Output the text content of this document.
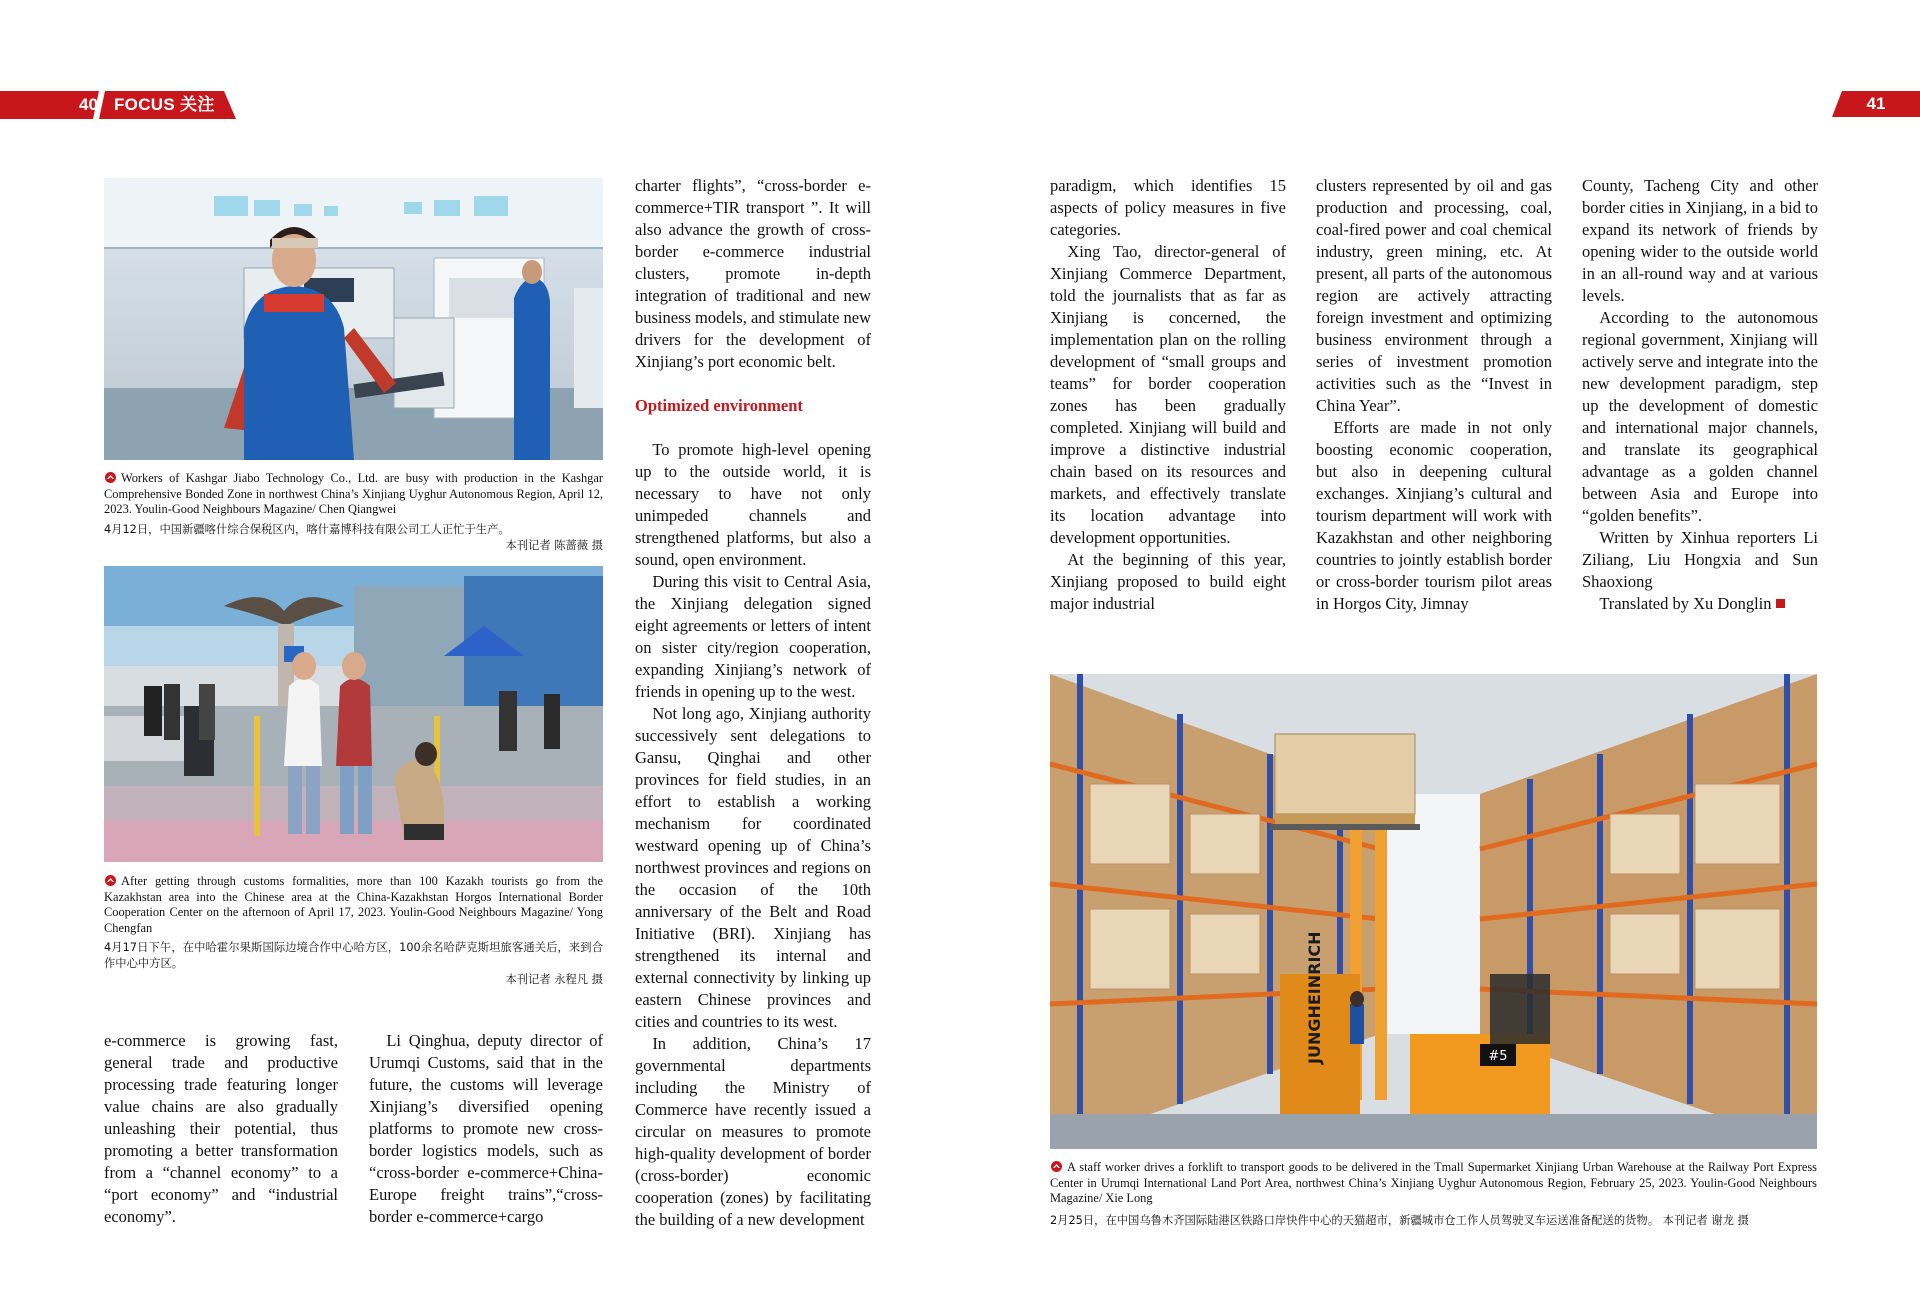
40 FOCUS 关注	41
Workers of Kashgar Jiabo Technology Co., Ltd. are busy with production in the Kashgar Comprehensive Bonded Zone in northwest China’s Xinjiang Uyghur Autonomous Region, April 12, 2023. Youlin-Good Neighbours Magazine/ Chen Qiangwei
4月12日，中国新疆喀什综合保税区内，喀什嘉博科技有限公司工人正忙于生产。
本刊记者 陈蔷薇 摄
After getting through customs formalities, more than 100 Kazakh tourists go from the Kazakhstan area into the Chinese area at the China-Kazakhstan Horgos International Border Cooperation Center on the afternoon of April 17, 2023. Youlin-Good Neighbours Magazine/ Yong Chengfan
4月17日下午，在中哈霍尔果斯国际边境合作中心哈方区，100余名哈萨克斯坦旅客通关后，来到合作中心中方区。
本刊记者 永程凡 摄

e-commerce is growing fast, general trade and productive processing trade featuring longer value chains are also gradually unleashing their potential, thus promoting a better transformation from a “channel economy” to a “port economy” and “industrial economy”.

Li Qinghua, deputy director of Urumqi Customs, said that in the future, the customs will leverage Xinjiang’s diversified opening platforms to promote new cross-border logistics models, such as “cross-border e-commerce+China-Europe freight trains”,“cross-border e-commerce+cargo

charter flights”, “cross-border e-commerce+TIR transport ”. It will also advance the growth of cross-border e-commerce industrial clusters, promote in-depth integration of traditional and new business models, and stimulate new drivers for the development of Xinjiang’s port economic belt.

Optimized environment

To promote high-level opening up to the outside world, it is necessary to have not only unimpeded channels and strengthened platforms, but also a sound, open environment.

During this visit to Central Asia, the Xinjiang delegation signed eight agreements or letters of intent on sister city/region cooperation, expanding Xinjiang’s network of friends in opening up to the west.

Not long ago, Xinjiang authority successively sent delegations to Gansu, Qinghai and other provinces for field studies, in an effort to establish a working mechanism for coordinated westward opening up of China’s northwest provinces and regions on the occasion of the 10th anniversary of the Belt and Road Initiative (BRI). Xinjiang has strengthened its internal and external connectivity by linking up eastern Chinese provinces and cities and countries to its west.

In addition, China’s 17 governmental departments including the Ministry of Commerce have recently issued a circular on measures to promote high-quality development of border (cross-border) economic cooperation (zones) by facilitating the building of a new development

paradigm, which identifies 15 aspects of policy measures in five categories.

Xing Tao, director-general of Xinjiang Commerce Department, told the journalists that as far as Xinjiang is concerned, the implementation plan on the rolling development of “small groups and teams” for border cooperation zones has been gradually completed. Xinjiang will build and improve a distinctive industrial chain based on its resources and markets, and effectively translate its location advantage into development opportunities.

At the beginning of this year, Xinjiang proposed to build eight major industrial

clusters represented by oil and gas production and processing, coal, coal-fired power and coal chemical industry, green mining, etc. At present, all parts of the autonomous region are actively attracting foreign investment and optimizing business environment through a series of investment promotion activities such as the “Invest in China Year”.

Efforts are made in not only boosting economic cooperation, but also in deepening cultural exchanges. Xinjiang’s cultural and tourism department will work with Kazakhstan and other neighboring countries to jointly establish border or cross-border tourism pilot areas in Horgos City, Jimnay

County, Tacheng City and other border cities in Xinjiang, in a bid to expand its network of friends by opening wider to the outside world in an all-round way and at various levels.

According to the autonomous regional government, Xinjiang will actively serve and integrate into the new development paradigm, step up the development of domestic and international major channels, and translate its geographical advantage as a golden channel between Asia and Europe into “golden benefits”.

Written by Xinhua reporters Li Ziliang, Liu Hongxia and Sun Shaoxiong

Translated by Xu Donglin

JUNGHEINRICH	#5
A staff worker drives a forklift to transport goods to be delivered in the Tmall Supermarket Xinjiang Urban Warehouse at the Railway Port Express Center in Urumqi International Land Port Area, northwest China’s Xinjiang Uyghur Autonomous Region, February 25, 2023. Youlin-Good Neighbours Magazine/ Xie Long
2月25日，在中国乌鲁木齐国际陆港区铁路口岸快件中心的天猫超市，新疆城市仓工作人员驾驶叉车运送准备配送的货物。 本刊记者 谢龙 摄
